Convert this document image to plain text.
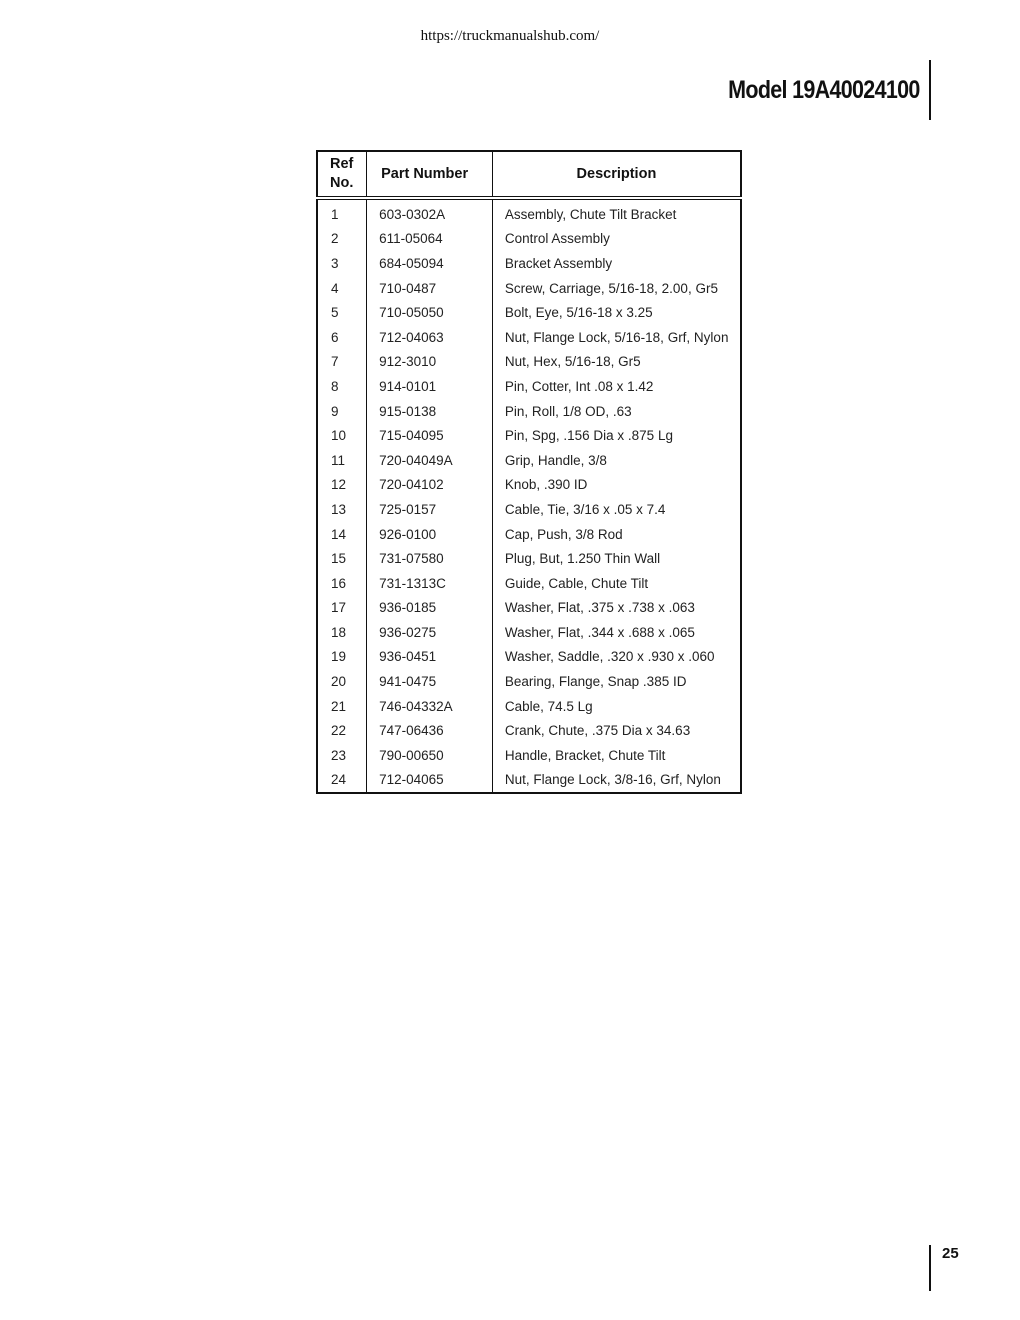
https://truckmanualshub.com/
Model 19A40024100
Ref
No.	Part Number	Description
1	603-0302A	Assembly, Chute Tilt Bracket
2	611-05064	Control Assembly
3	684-05094	Bracket Assembly
4	710-0487	Screw, Carriage, 5/16-18, 2.00, Gr5
5	710-05050	Bolt, Eye, 5/16-18 x 3.25
6	712-04063	Nut, Flange Lock, 5/16-18, Grf, Nylon
7	912-3010	Nut, Hex, 5/16-18, Gr5
8	914-0101	Pin, Cotter, Int .08 x 1.42
9	915-0138	Pin, Roll, 1/8 OD, .63
10	715-04095	Pin, Spg, .156 Dia x .875 Lg
11	720-04049A	Grip, Handle, 3/8
12	720-04102	Knob, .390 ID
13	725-0157	Cable, Tie, 3/16 x .05 x 7.4
14	926-0100	Cap, Push, 3/8 Rod
15	731-07580	Plug, But, 1.250 Thin Wall
16	731-1313C	Guide, Cable, Chute Tilt
17	936-0185	Washer, Flat, .375 x .738 x .063
18	936-0275	Washer, Flat, .344 x .688 x .065
19	936-0451	Washer, Saddle, .320 x .930 x .060
20	941-0475	Bearing, Flange, Snap .385 ID
21	746-04332A	Cable, 74.5 Lg
22	747-06436	Crank, Chute, .375 Dia x 34.63
23	790-00650	Handle, Bracket, Chute Tilt
24	712-04065	Nut, Flange Lock, 3/8-16, Grf, Nylon
25
